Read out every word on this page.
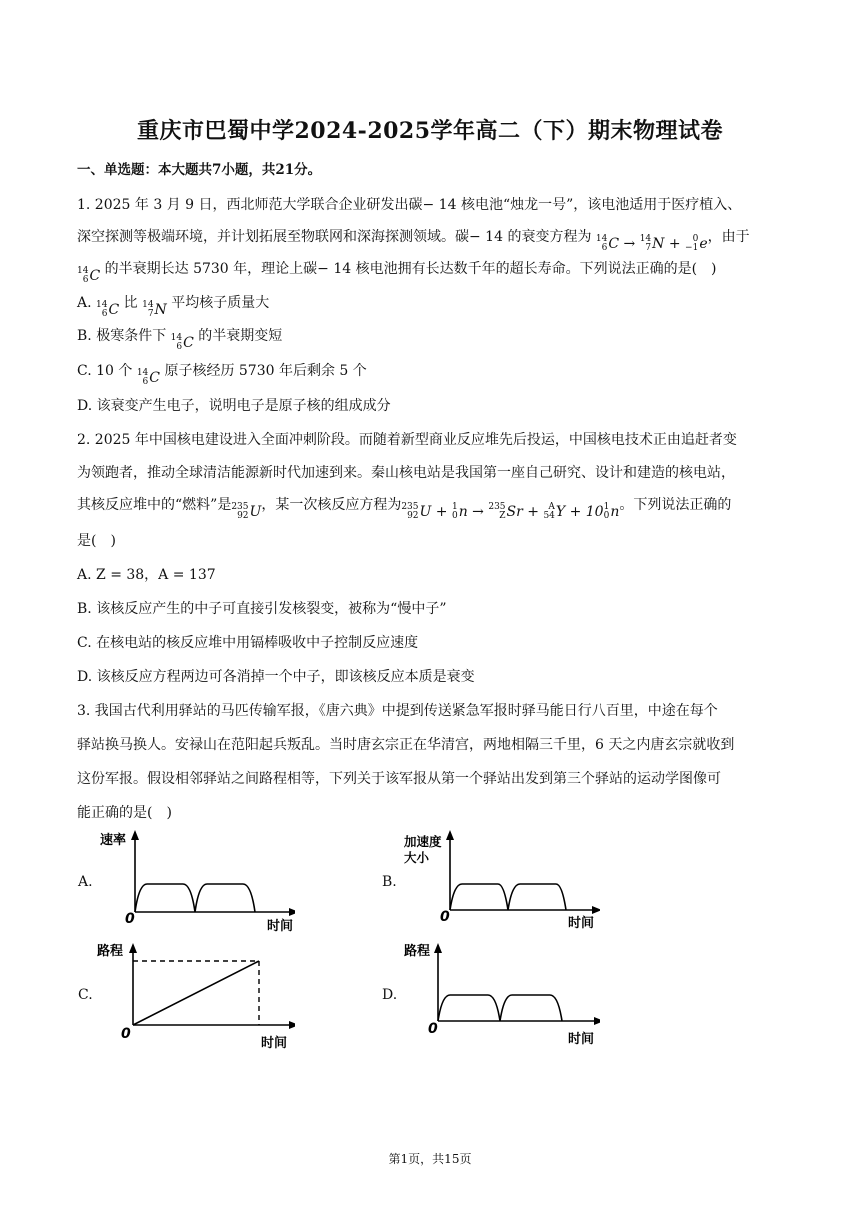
重庆市巴蜀中学2024-2025学年高二（下）期末物理试卷
一、单选题：本大题共7小题，共21分。
1. 2025 年 3 月 9 日，西北师范大学联合企业研发出碳− 14 核电池“烛龙一号”，该电池适用于医疗植入、
深空探测等极端环境，并计划拓展至物联网和深海探测领域。碳− 14 的衰变方程为 14
6 C → 14
7 N + 0
−1 e，由于
14
6 C 的半衰期长达 5730 年，理论上碳− 14 核电池拥有长达数千年的超长寿命。下列说法正确的是(　)
A. 14
6 C 比 14
7 N 平均核子质量大
B. 极寒条件下 14
6 C 的半衰期变短
C. 10 个 14
6 C 原子核经历 5730 年后剩余 5 个
D. 该衰变产生电子，说明电子是原子核的组成成分
2. 2025 年中国核电建设进入全面冲刺阶段。而随着新型商业反应堆先后投运，中国核电技术正由追赶者变
为领跑者，推动全球清洁能源新时代加速到来。秦山核电站是我国第一座自己研究、设计和建造的核电站，
其核反应堆中的“燃料”是 235
92 U，某一次核反应方程为 235
92 U + 1
0 n → 235
Z Sr + A
54 Y + 10 1
0 n。下列说法正确的
是(　)
A. Z = 38，A = 137
B. 该核反应产生的中子可直接引发核裂变，被称为“慢中子”
C. 在核电站的核反应堆中用镉棒吸收中子控制反应速度
D. 该核反应方程两边可各消掉一个中子，即该核反应本质是衰变
3. 我国古代利用驿站的马匹传输军报，《唐六典》中提到传送紧急军报时驿马能日行八百里，中途在每个
驿站换马换人。安禄山在范阳起兵叛乱。当时唐玄宗正在华清宫，两地相隔三千里，6 天之内唐玄宗就收到
这份军报。假设相邻驿站之间路程相等，下列关于该军报从第一个驿站出发到第三个驿站的运动学图像可
能正确的是(　)
A.	B.
C.	D.
速率
0	时间
加速度
大小
0	时间
路程
0
时间
路程
0
时间
第1页，共15页
